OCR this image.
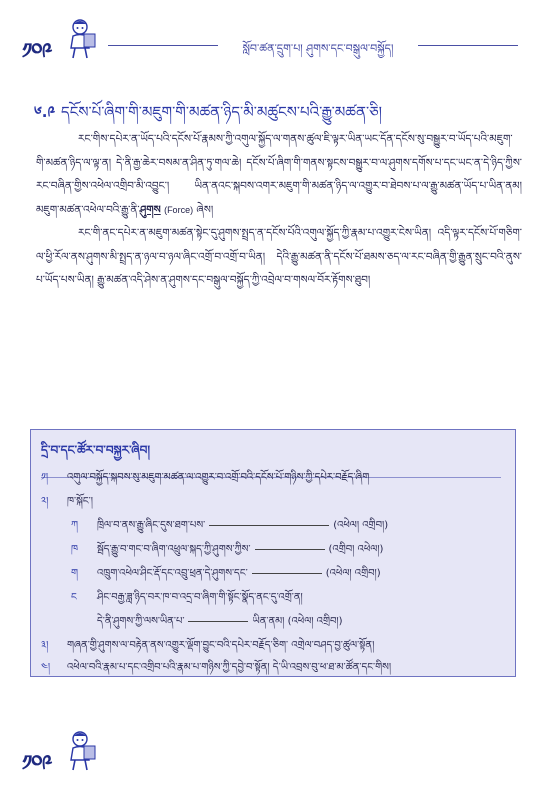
༡༠༩	སློབ་ཚན་དྲུག་པ། ཤུགས་དང་བསྒུལ་བསྐྱོད།
༦.༩ དངོས་པོ་ཞིག་གི་མཇུག་གི་མཚན་ཉིད་མི་མཚུངས་པའི་རྒྱུ་མཚན་ཅི།

རང་གིས་དཔེར་ན་ཡོད་པའི་དངོས་པོ་རྣམས་ཀྱི་འགུལ་སྐྱོད་ལ་གནས་ཚུལ་ཇི་ལྟར་ཡིན་ཡང་དོན་དངོས་སུ་བསྒྱུར་བ་ཡོད་པའི་མཇུག་གི་མཚན་ཉིད་ལ་ལྟ་ན། དེ་ནི་རྒྱ་ཆེར་བསམ་ན་ཤིན་ཏུ་གལ་ཆེ། དངོས་པོ་ཞིག་གི་གནས་སྟངས་བསྒྱུར་བ་ལ་ཤུགས་དགོས་པ་དང་ཡང་ན་དེ་ཉིད་ཀྱིས་རང་བཞིན་གྱིས་འཕེལ་འགྲིབ་མི་འབྱུང་། ཡིན་ནའང་སྐབས་འགར་མཇུག་གི་མཚན་ཉིད་ལ་འགྱུར་བ་ཐེབས་པ་ལ་རྒྱུ་མཚན་ཡོད་པ་ཡིན་ནམ། མཇུག་མཚན་འཕེལ་བའི་རྒྱུ་ནི་ཤུགས (Force) ཞེས།

རང་གི་ནང་དཔེར་ན་མཇུག་མཚན་སྟེང་དུ་ཤུགས་སྤྲད་ན་དངོས་པོའི་འགུལ་སྐྱོད་ཀྱི་རྣམ་པ་འགྱུར་ངེས་ཡིན། འདི་ལྟར་དངོས་པོ་གཅིག་ལ་ཕྱི་རོལ་ནས་ཤུགས་མི་སྤྲད་ན་ཉལ་བ་ཉལ་ཞིང་འགྲོ་བ་འགྲོ་བ་ཡིན། དེའི་རྒྱུ་མཚན་ནི་དངོས་པོ་ཐམས་ཅད་ལ་རང་བཞིན་གྱི་རྒྱུན་སྲུང་བའི་ནུས་པ་ཡོད་པས་ཡིན། རྒྱུ་མཚན་འདི་ཤེས་ན་ཤུགས་དང་བསྒུལ་བསྐྱོད་ཀྱི་འབྲེལ་བ་གསལ་བོར་རྟོགས་ཐུབ།

དྲི་བ་དང་ཚོར་བ་བསྐྱར་ཞིབ།
༡། འགུལ་བསྐྱོད་སྐབས་སུ་མཇུག་མཚན་ལ་འགྱུར་བ་འགྲོ་བའི་དངོས་པོ་གཉིས་ཀྱི་དཔེར་བརྗོད་ཞིག
༢། ཁ་སྐོང་།
ཀ ཁྲིལ་བ་ནས་རྒྱུ་ཞིང་དུས་ཐག་པས་	(འཕེལ། འགྲིབ།)
ཁ སྦོད་རྒྱུ་བ་གང་བ་ཞིག་འཕྲུལ་སྐད་ཀྱི་ཤུགས་ཀྱིས་	(འགྲིབ། འཕེལ།)
ག འཁྲུག་འཕེལ་ཤིང་རྡོ་དང་འབྲུ་ཕྲན་དེ་ཤུགས་དང་	(འཕེལ། འགྲིབ།)
ང ཤིང་བརྒྱ་ཟླ་ཉིད་བར་ཁ་བ་འདྲ་བ་ཞིག་གི་སྟོང་སྣོད་ནང་དུ་འགྲོ་ན།
དེ་ནི་ཤུགས་ཀྱི་ལས་ཡིན་པ་	ཡིན་ནམ། (འཕེལ། འགྲིབ།)
༣། གཞན་གྱི་ཤུགས་ལ་བརྟེན་ནས་འགྱུར་ལྡོག་བྱུང་བའི་དཔེར་བརྗོད་ཅིག་ འགྲེལ་བཤད་བྱ་ཚུལ་སྟོན།
༤། འཕེལ་བའི་རྣམ་པ་དང་འགྲིབ་པའི་རྣམ་པ་གཉིས་ཀྱི་དབྱེ་བ་སྟོན། དེ་ཡི་འབྲས་བུ་ཕ་ཐ་མ་ཚོན་དང་གིས།
༡༠༩
